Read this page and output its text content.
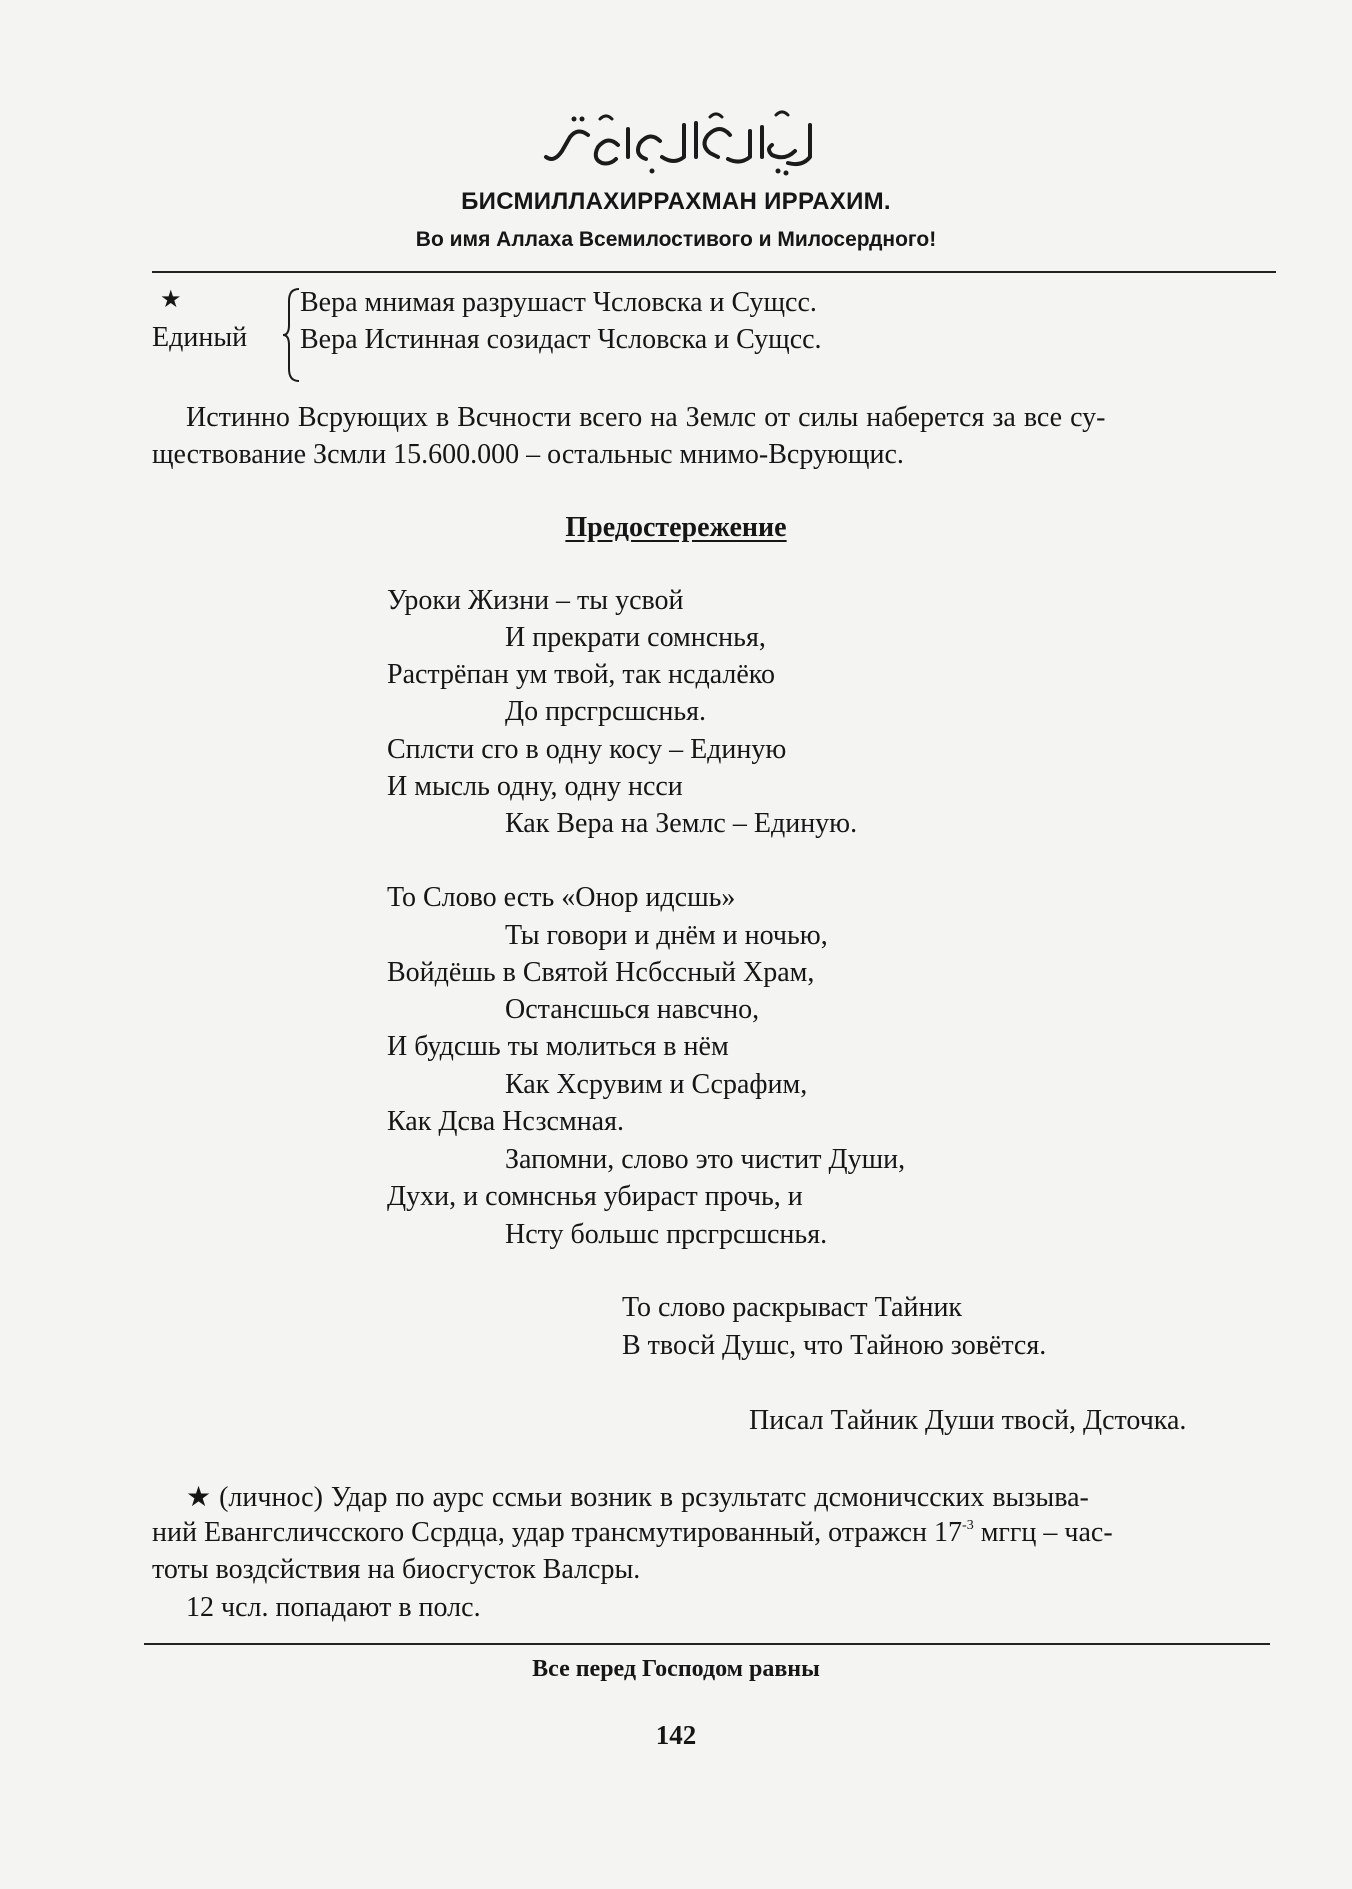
БИСМИЛЛАХИРРАХМАН ИРРАХИМ.
Во имя Аллаха Всемилостивого и Милосердного!
★
Единый
Вера мнимая разрушаст Чсловска и Сущсс.
Вера Истинная созидаст Чсловска и Сущсс.
Истинно Всрующих в Всчности всего на Землс от силы наберется за все су-
ществование Зсмли 15.600.000 – остальныс мнимо-Всрующис.
Предостережение
Уроки Жизни – ты усвой
И прекрати сомнснья,
Растрёпан ум твой, так нсдалёко
До прсгрсшснья.
Сплсти сго в одну косу – Единую
И мысль одну, одну нсси
Как Вера на Землс – Единую.
То Слово есть «Онор идсшь»
Ты говори и днём и ночью,
Войдёшь в Святой Нсбссный Храм,
Остансшься навсчно,
И будсшь ты молиться в нём
Как Хсрувим и Ссрафим,
Как Дсва Нсзсмная.
Запомни, слово это чистит Души,
Духи, и сомнснья убираст прочь, и
Нсту большс прсгрсшснья.
То слово раскрываст Тайник
В твосй Душс, что Тайною зовётся.
Писал Тайник Души твосй, Дсточка.
★ (личнос) Удар по аурс ссмьи возник в рсзультатс дсмоничсских вызыва-
ний Евангсличсского Ссрдца, удар трансмутированный, отражсн $17^{-3}$ мггц – час-
тоты воздсйствия на биосгусток Валсры.
12 чсл. попадают в полс.
Все перед Господом равны
142
